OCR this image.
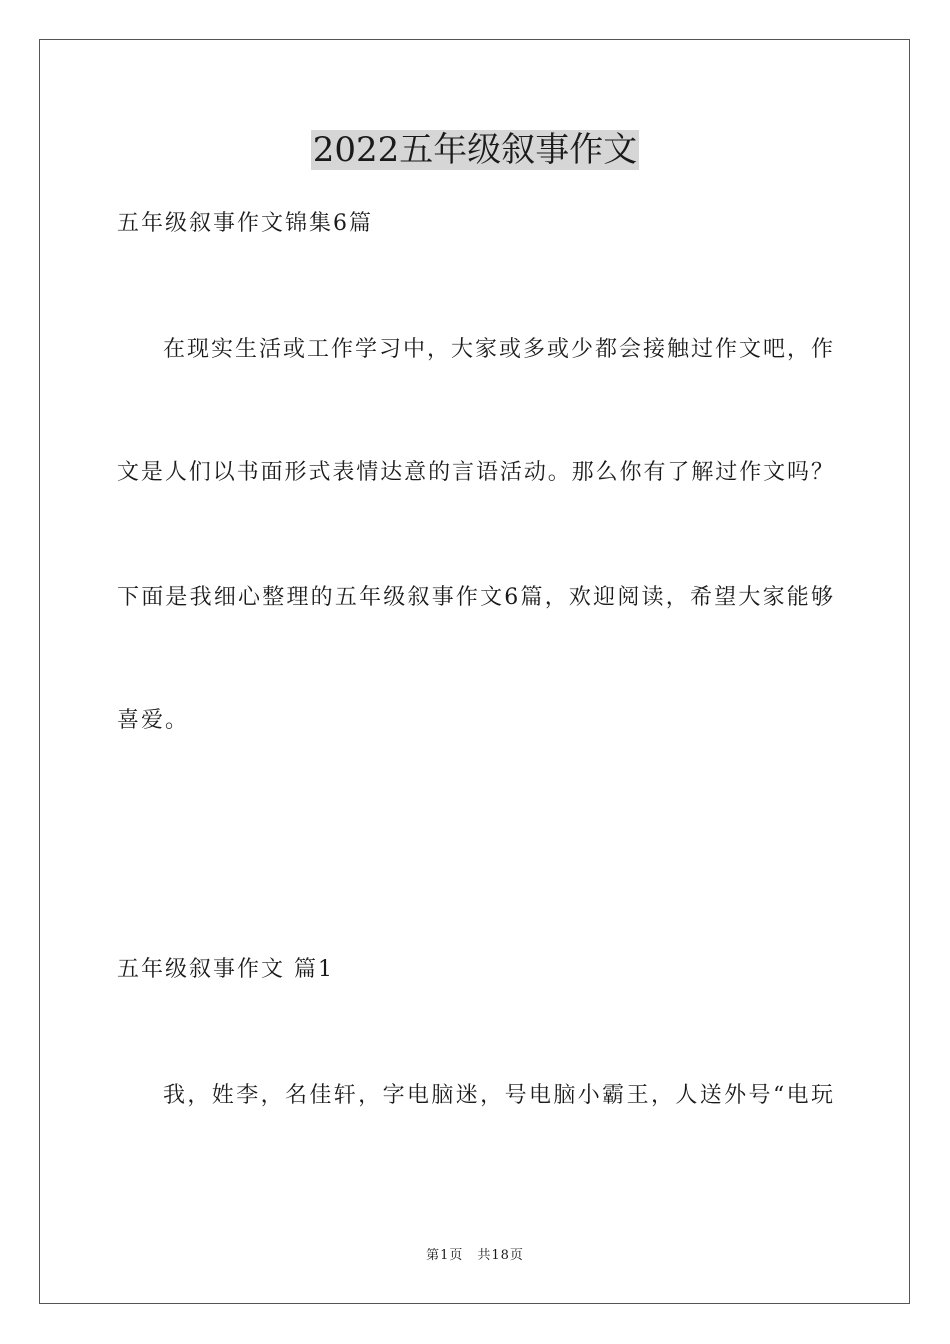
2022五年级叙事作文

五年级叙事作文锦集6篇

在现实生活或工作学习中，大家或多或少都会接触过作文吧，作

文是人们以书面形式表情达意的言语活动。那么你有了解过作文吗？

下面是我细心整理的五年级叙事作文6篇，欢迎阅读，希望大家能够

喜爱。

五年级叙事作文 篇1

我，姓李，名佳轩，字电脑迷，号电脑小霸王，人送外号“电玩

第1页 共18页
